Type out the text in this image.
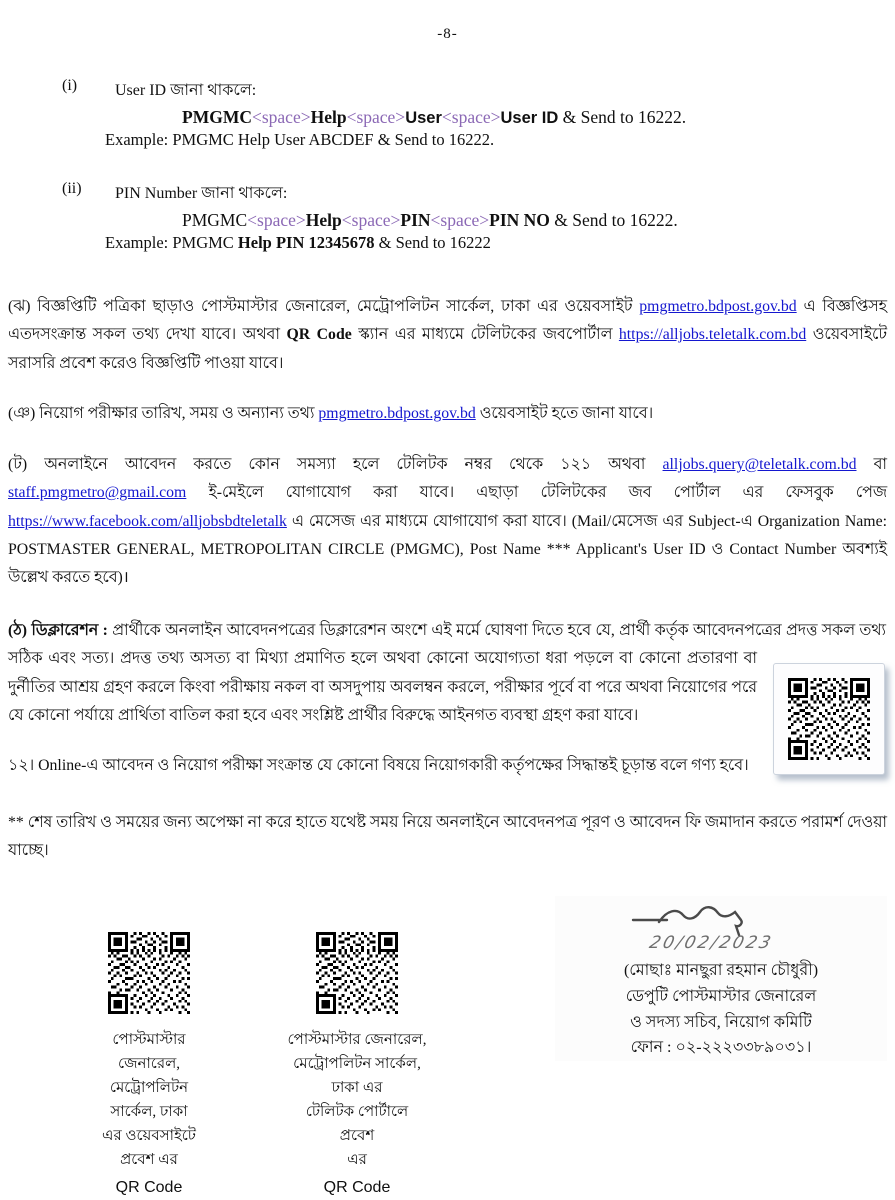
-8-
(i)	User ID জানা থাকলে:
PMGMC<space>Help<space>User<space>User ID & Send to 16222.
Example: PMGMC Help User ABCDEF & Send to 16222.
(ii)	PIN Number জানা থাকলে:
PMGMC<space>Help<space>PIN<space>PIN NO & Send to 16222.
Example: PMGMC Help PIN 12345678 & Send to 16222

(ঝ) বিজ্ঞপ্তিটি পত্রিকা ছাড়াও পোস্টমাস্টার জেনারেল, মেট্রোপলিটন সার্কেল, ঢাকা এর ওয়েবসাইট pmgmetro.bdpost.gov.bd এ বিজ্ঞপ্তিসহ এতদসংক্রান্ত সকল তথ্য দেখা যাবে। অথবা QR Code স্ক্যান এর মাধ্যমে টেলিটকের জবপোর্টাল https://alljobs.teletalk.com.bd ওয়েবসাইটে সরাসরি প্রবেশ করেও বিজ্ঞপ্তিটি পাওয়া যাবে।

(ঞ) নিয়োগ পরীক্ষার তারিখ, সময় ও অন্যান্য তথ্য pmgmetro.bdpost.gov.bd ওয়েবসাইট হতে জানা যাবে।

(ট) অনলাইনে আবেদন করতে কোন সমস্যা হলে টেলিটক নম্বর থেকে ১২১ অথবা alljobs.query@teletalk.com.bd বা staff.pmgmetro@gmail.com ই-মেইলে যোগাযোগ করা যাবে। এছাড়া টেলিটকের জব পোর্টাল এর ফেসবুক পেজ https://www.facebook.com/alljobsbdteletalk এ মেসেজ এর মাধ্যমে যোগাযোগ করা যাবে। (Mail/মেসেজ এর Subject-এ Organization Name: POSTMASTER GENERAL, METROPOLITAN CIRCLE (PMGMC), Post Name *** Applicant's User ID ও Contact Number অবশ্যই উল্লেখ করতে হবে)।

(ঠ) ডিক্লারেশন : প্রার্থীকে অনলাইন আবেদনপত্রের ডিক্লারেশন অংশে এই মর্মে ঘোষণা দিতে হবে যে, প্রার্থী কর্তৃক আবেদনপত্রের প্রদত্ত সকল তথ্য সঠিক এবং সত্য। প্রদত্ত তথ্য অসত্য বা মিথ্যা প্রমাণিত হলে অথবা কোনো অযোগ্যতা ধরা পড়লে বা কোনো প্রতারণা বা দুর্নীতির আশ্রয় গ্রহণ করলে কিংবা পরীক্ষায় নকল বা অসদুপায় অবলম্বন করলে, পরীক্ষার পূর্বে বা পরে অথবা নিয়োগের পরে যে কোনো পর্যায়ে প্রার্থিতা বাতিল করা হবে এবং সংশ্লিষ্ট প্রার্থীর বিরুদ্ধে আইনগত ব্যবস্থা গ্রহণ করা যাবে।

১২। Online-এ আবেদন ও নিয়োগ পরীক্ষা সংক্রান্ত যে কোনো বিষয়ে নিয়োগকারী কর্তৃপক্ষের সিদ্ধান্তই চূড়ান্ত বলে গণ্য হবে।

** শেষ তারিখ ও সময়ের জন্য অপেক্ষা না করে হাতে যথেষ্ট সময় নিয়ে অনলাইনে আবেদনপত্র পূরণ ও আবেদন ফি জমাদান করতে পরামর্শ দেওয়া যাচ্ছে।

পোস্টমাস্টার
জেনারেল,
মেট্রোপলিটন
সার্কেল, ঢাকা
এর ওয়েবসাইটে
প্রবেশ এর
QR Code
পোস্টমাস্টার জেনারেল,
মেট্রোপলিটন সার্কেল,
ঢাকা এর
টেলিটক পোর্টালে
প্রবেশ
এর
QR Code
20/02/2023
(মোছাঃ মানছুরা রহমান চৌধুরী)
ডেপুটি পোস্টমাস্টার জেনারেল
ও সদস্য সচিব, নিয়োগ কমিটি
ফোন : ০২-২২২৩৩৮৯০৩১।
